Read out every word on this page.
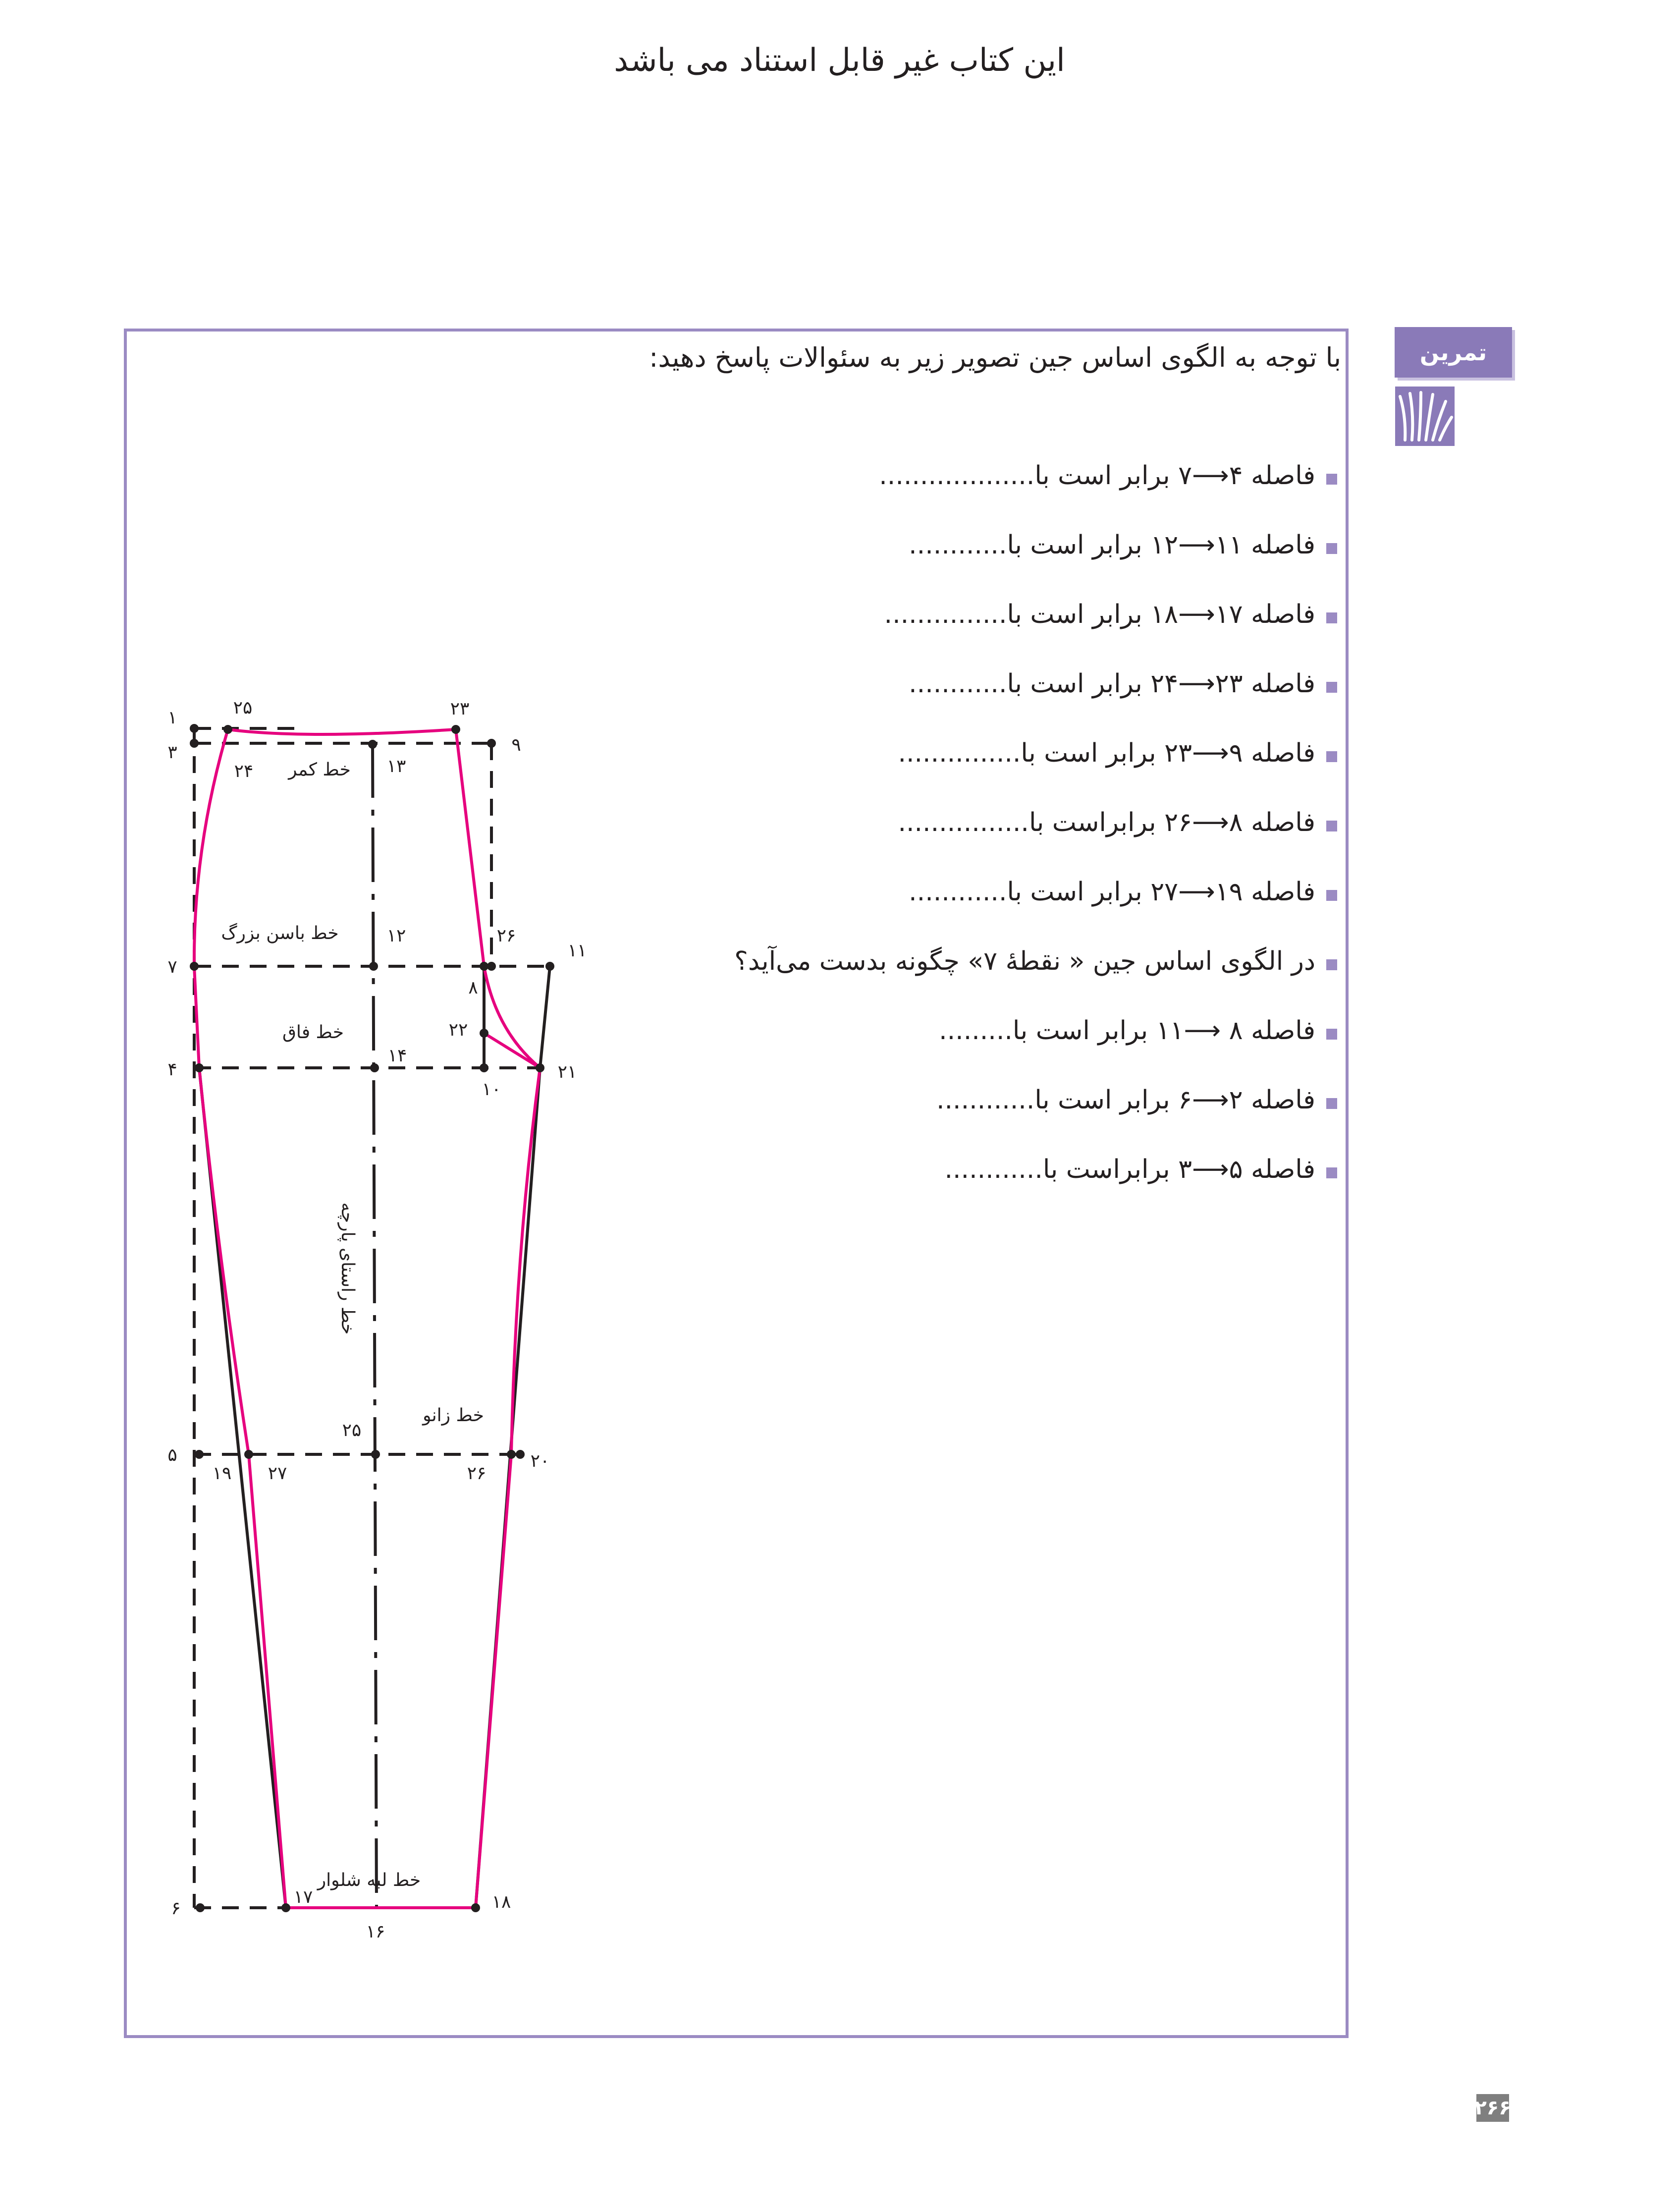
این کتاب غیر قابل استناد می باشد
تمرین
با توجه به الگوی اساس جین تصویر زیر به سئوالات پاسخ دهید:
فاصله ۴⟶۷ برابر است با...................
فاصله ۱۱⟶۱۲ برابر است با............
فاصله ۱۷⟶۱۸ برابر است با...............
فاصله ۲۳⟶۲۴ برابر است با............
فاصله ۹⟶۲۳ برابر است با...............
فاصله ۸⟶۲۶ برابراست با................
فاصله ۱۹⟶۲۷ برابر است با............
در الگوی اساس جین « نقطهٔ ۷» چگونه بدست می‌آید؟
فاصله ۸ ⟶۱۱ برابر است با.........
فاصله ۲⟶۶ برابر است با............
فاصله ۵⟶۳ برابراست با............
خط کمر
خط باسن بزرگ
خط فاق
خط زانو
خط لبه شلوار
خط راستای پارچه
۱
۳
۲۵	۲۳
۹
۲۴	۱۳
۷
۱۲	۲۶
۱۱
۸
۲۲
۴
۱۴
۲۱
۱۰
۵
۱۹ ۲۷
۲۵
۲۶
۲۰
۶
۱۷
۱۶
۱۸
۲۶۶
